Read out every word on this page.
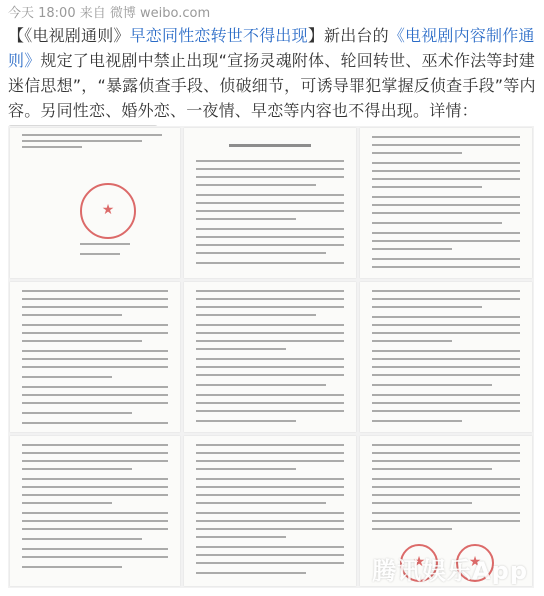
今天 18:00 来自 微博 weibo.com
【《电视剧通则》早恋同性恋转世不得出现】新出台的《电视剧内容制作通则》规定了电视剧中禁止出现“宣扬灵魂附体、轮回转世、巫术作法等封建迷信思想”，“暴露侦查手段、侦破细节，可诱导罪犯掌握反侦查手段”等内容。另同性恋、婚外恋、一夜情、早恋等内容也不得出现。详情：
★
★
★
腾讯娱乐App
